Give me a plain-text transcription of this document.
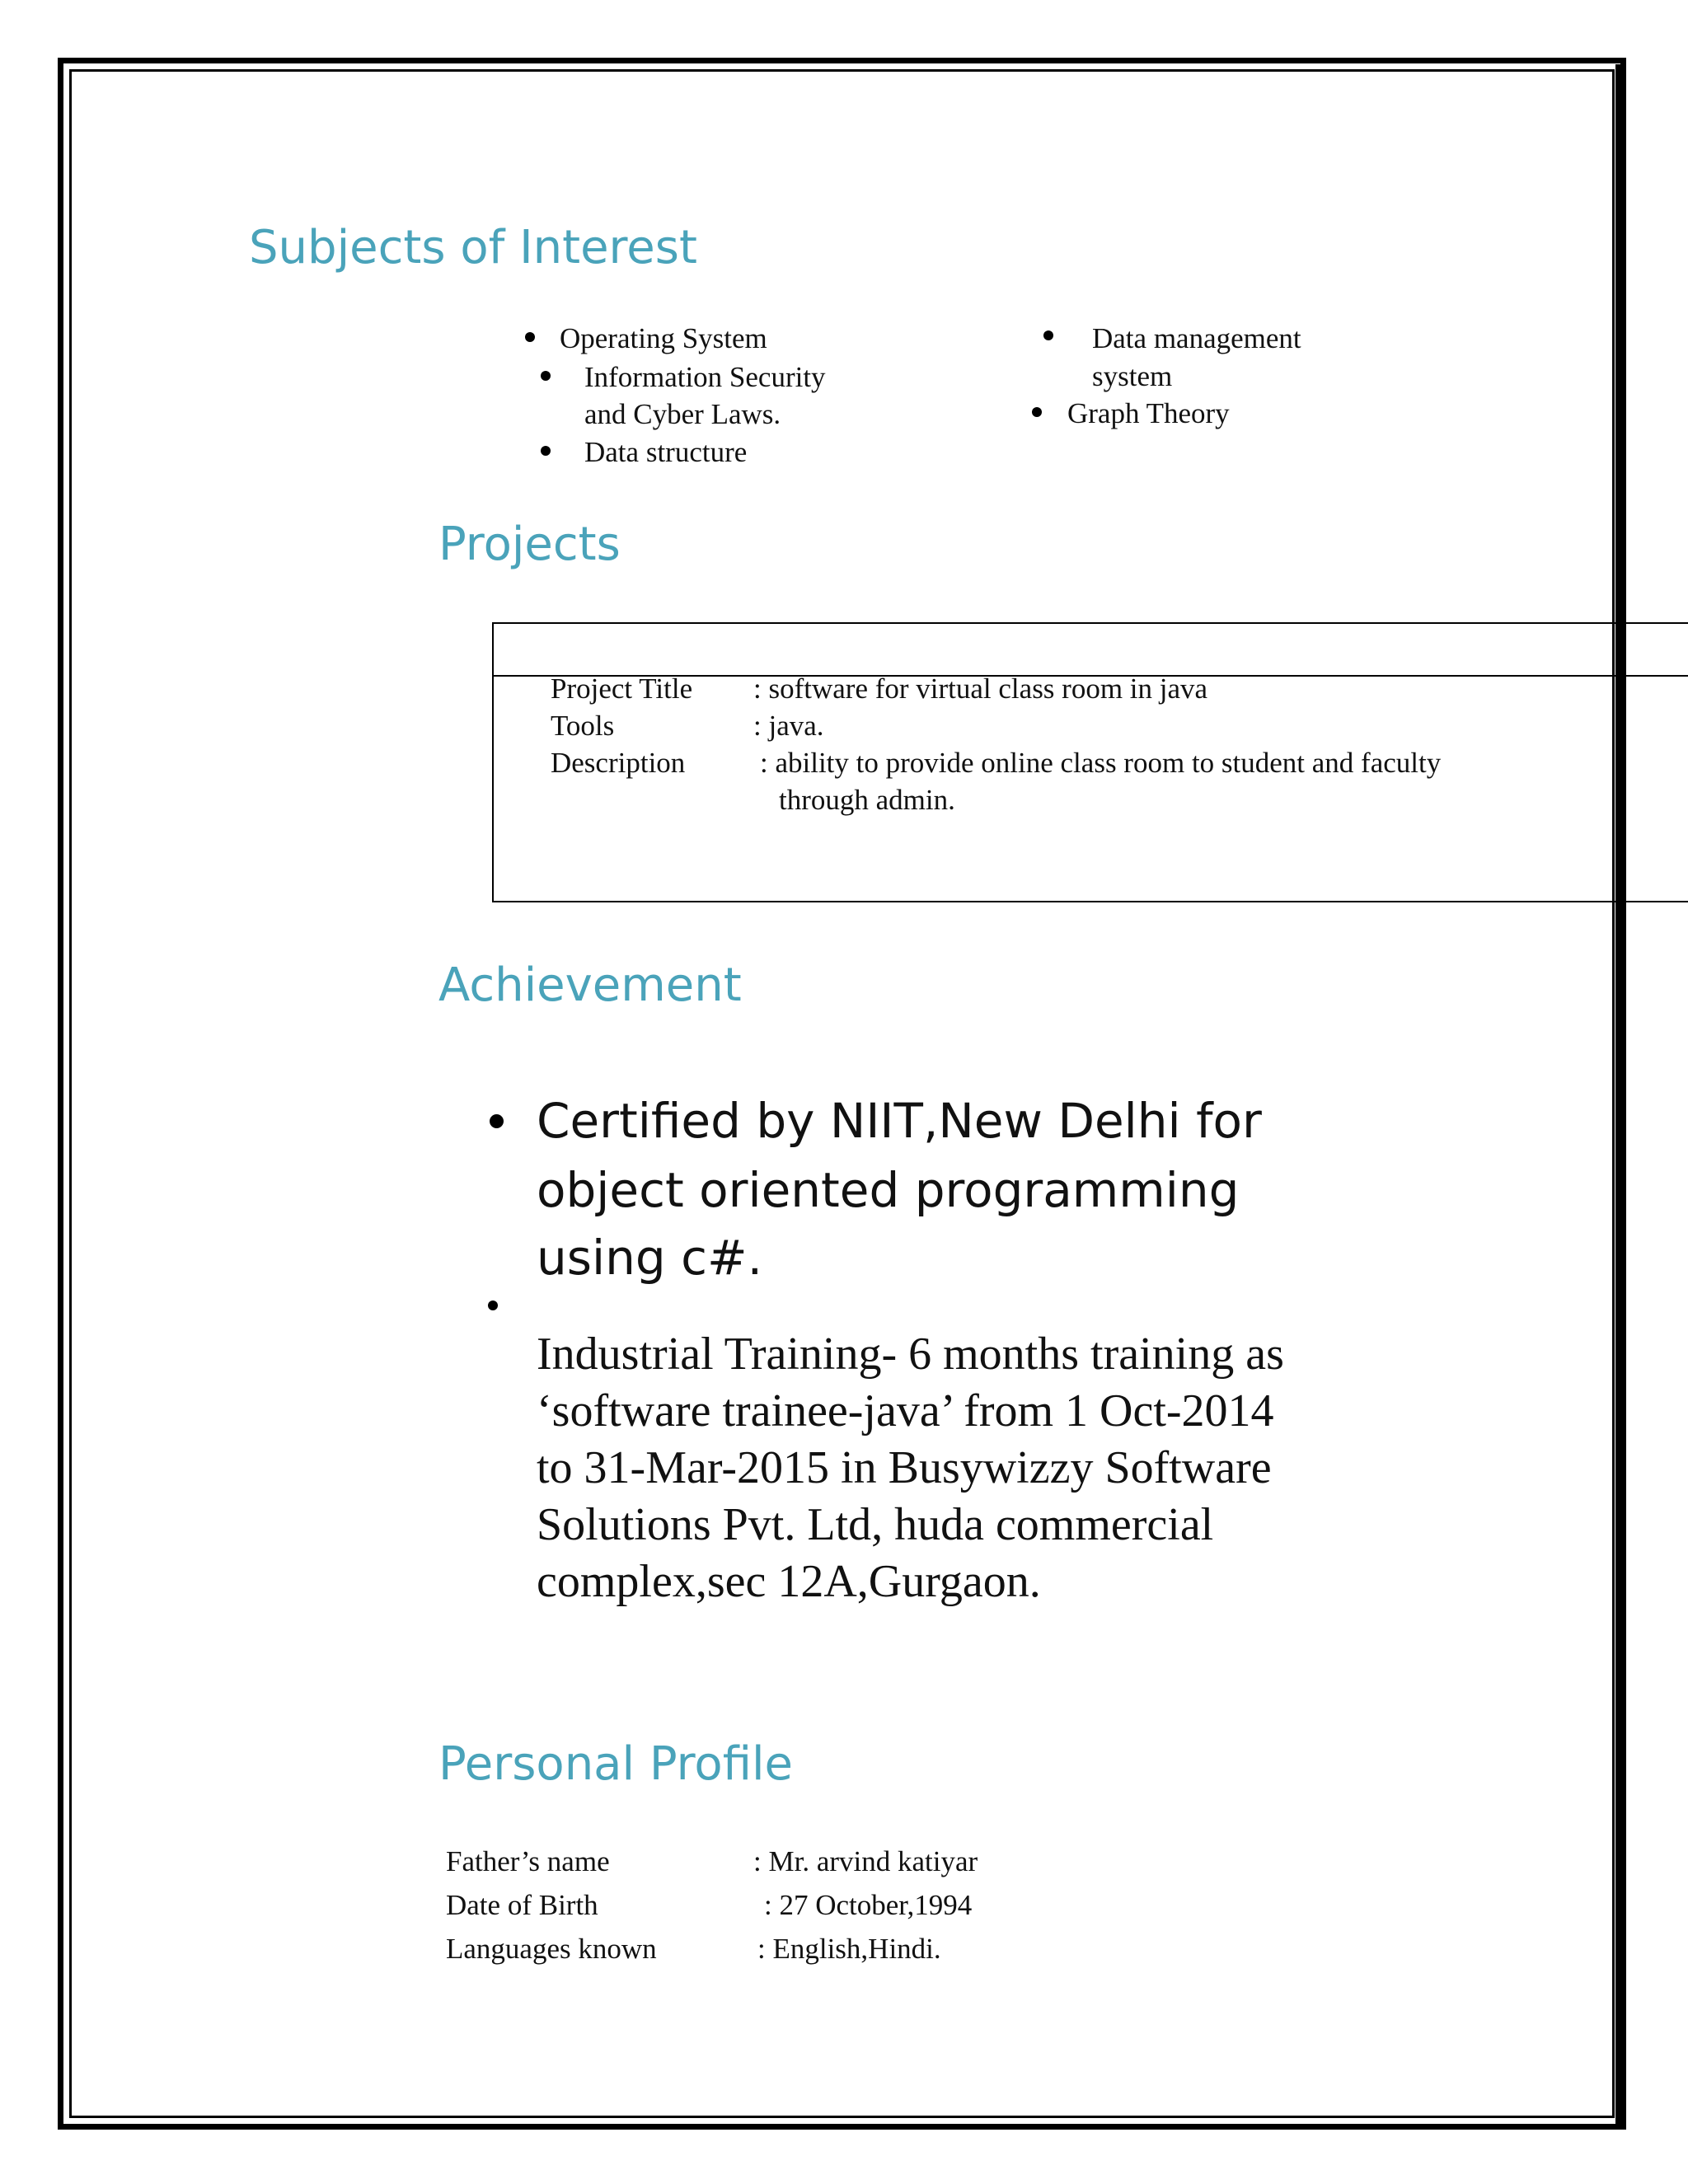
Subjects of Interest

Operating System

Information Security

and Cyber Laws.

Data structure

Data management

system

Graph Theory

Projects

Project Title : software for virtual class room in java

Tools	: java.

Description	: ability to provide online class room to student and faculty

through admin.

Achievement

Certified by NIIT,New Delhi for

object oriented programming

using c#.

Industrial Training- 6 months training as

‘software trainee-java’ from 1 Oct-2014

to 31-Mar-2015 in Busywizzy Software

Solutions Pvt. Ltd, huda commercial

complex,sec 12A,Gurgaon.

Personal Profile

Father’s name	: Mr. arvind katiyar

Date of Birth	: 27 October,1994

Languages known	: English,Hindi.
